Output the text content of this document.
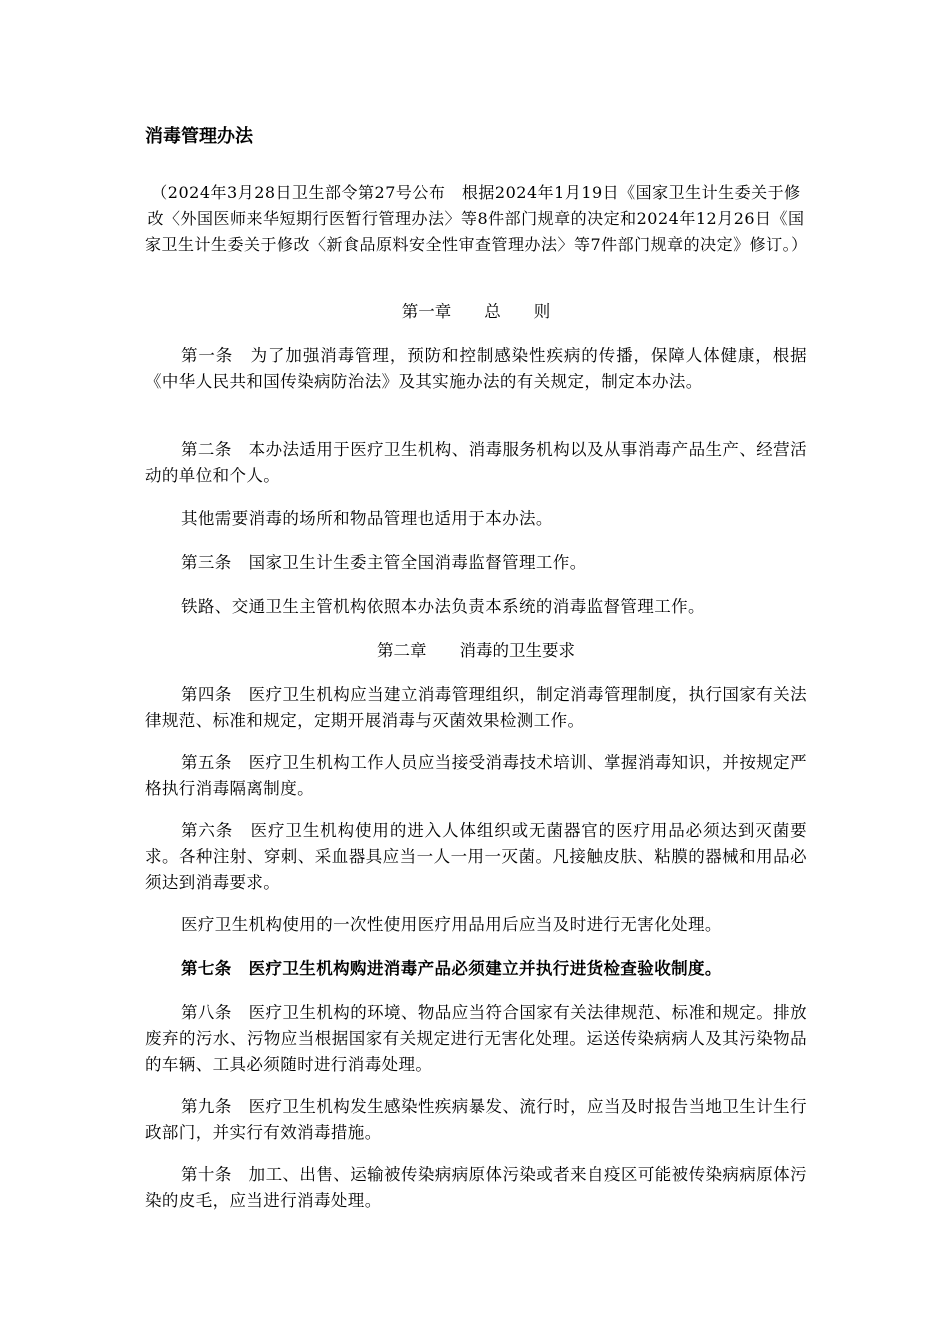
消毒管理办法
（2024年3月28日卫生部令第27号公布　根据2024年1月19日《国家卫生计生委关于修改〈外国医师来华短期行医暂行管理办法〉等8件部门规章的决定和2024年12月26日《国家卫生计生委关于修改〈新食品原料安全性审查管理办法〉等7件部门规章的决定》修订。）
第一章　　总　　则
第一条　为了加强消毒管理，预防和控制感染性疾病的传播，保障人体健康，根据《中华人民共和国传染病防治法》及其实施办法的有关规定，制定本办法。
第二条　本办法适用于医疗卫生机构、消毒服务机构以及从事消毒产品生产、经营活动的单位和个人。
其他需要消毒的场所和物品管理也适用于本办法。
第三条　国家卫生计生委主管全国消毒监督管理工作。
铁路、交通卫生主管机构依照本办法负责本系统的消毒监督管理工作。
第二章　　消毒的卫生要求
第四条　医疗卫生机构应当建立消毒管理组织，制定消毒管理制度，执行国家有关法律规范、标准和规定，定期开展消毒与灭菌效果检测工作。
第五条　医疗卫生机构工作人员应当接受消毒技术培训、掌握消毒知识，并按规定严格执行消毒隔离制度。
第六条　医疗卫生机构使用的进入人体组织或无菌器官的医疗用品必须达到灭菌要求。各种注射、穿刺、采血器具应当一人一用一灭菌。凡接触皮肤、粘膜的器械和用品必须达到消毒要求。
医疗卫生机构使用的一次性使用医疗用品用后应当及时进行无害化处理。
第七条　医疗卫生机构购进消毒产品必须建立并执行进货检查验收制度。
第八条　医疗卫生机构的环境、物品应当符合国家有关法律规范、标准和规定。排放废弃的污水、污物应当根据国家有关规定进行无害化处理。运送传染病病人及其污染物品的车辆、工具必须随时进行消毒处理。
第九条　医疗卫生机构发生感染性疾病暴发、流行时，应当及时报告当地卫生计生行政部门，并实行有效消毒措施。
第十条　加工、出售、运输被传染病病原体污染或者来自疫区可能被传染病病原体污染的皮毛，应当进行消毒处理。
